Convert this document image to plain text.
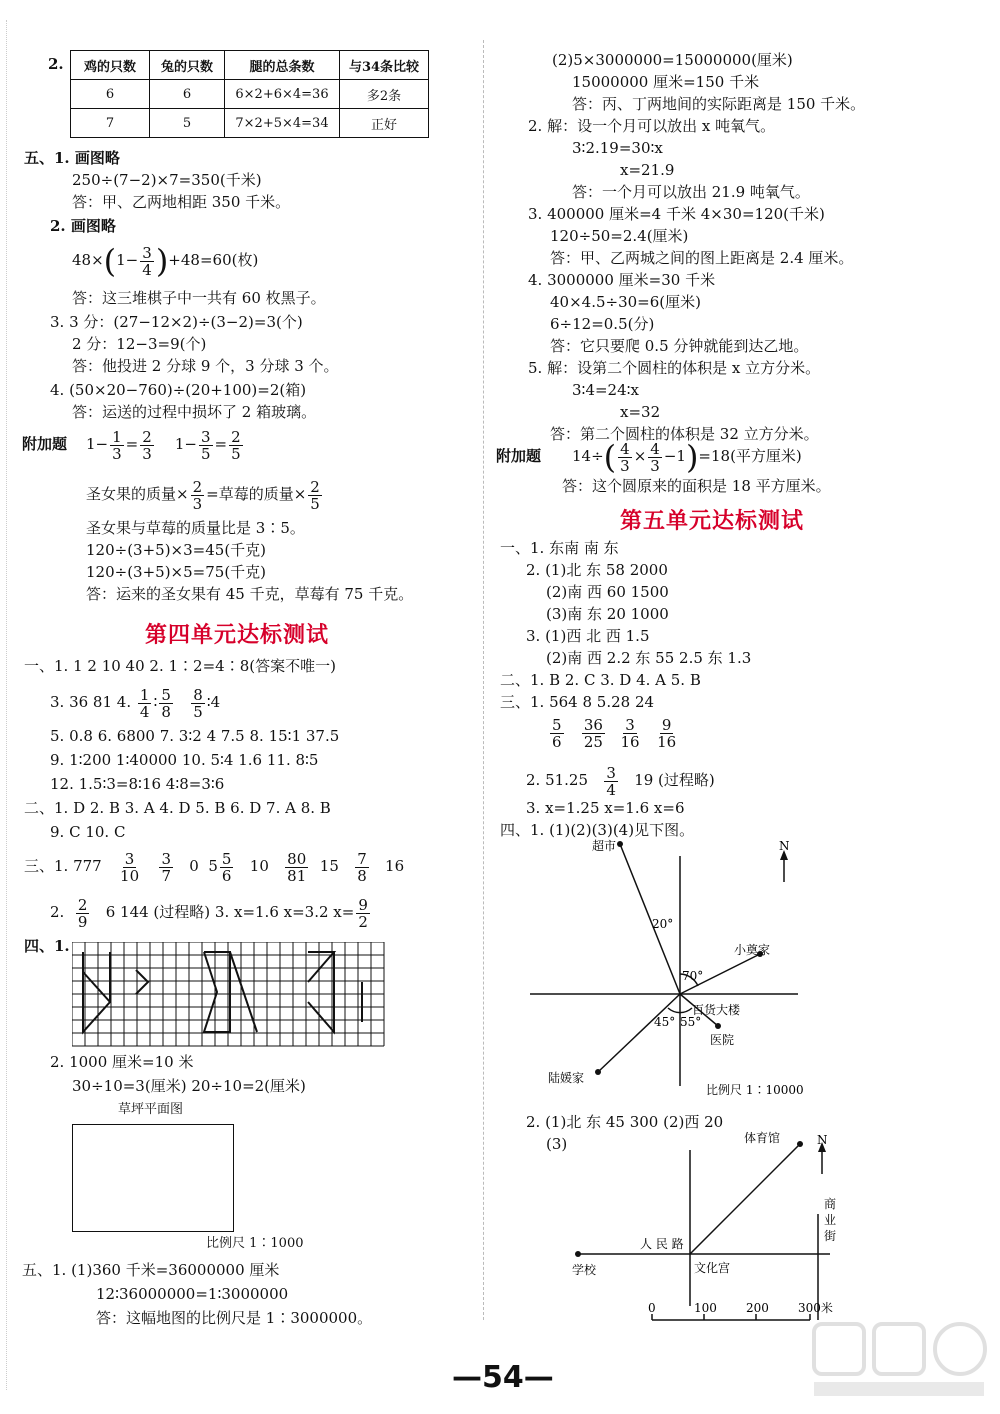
2. 鸡的只数	兔的只数	腿的总条数	与34条比较
6	6	6×2+6×4=36	多2条
7	5	7×2+5×4=34	正好
五、1. 画图略
250÷(7−2)×7=350(千米)
答：甲、乙两地相距 350 千米。
2. 画图略
$48\times(1- \frac{3}{4} )+48=60$(枚)
答：这三堆棋子中一共有 60 枚黑子。
3. 3 分：(27−12×2)÷(3−2)=3(个)
2 分：12−3=9(个)
答：他投进 2 分球 9 个，3 分球 3 个。
4. (50×20−760)÷(20+100)=2(箱)
答：运送的过程中损坏了 2 箱玻璃。
附加题 $1- \frac{1}{3} = \frac{2}{3} 1- \frac{3}{5} = \frac{2}{5}$
圣女果的质量× $\frac{2}{3}$ =草莓的质量× $\frac{2}{5}$
圣女果与草莓的质量比是 3∶5。
120÷(3+5)×3=45(千克)
120÷(3+5)×5=75(千克)
答：运来的圣女果有 45 千克，草莓有 75 千克。
第四单元达标测试
一、1. 1 2 10 40 2. 1∶2=4∶8(答案不唯一)
3. 36 81 4. $\frac{1}{4}$ ∶ $\frac{5}{8}$
$\frac{8}{5}$ ∶4
5. 0.8 6. 6800 7. 3∶2 4 7.5 8. 15∶1 37.5
9. 1∶200 1∶40000 10. 5∶4 1.6 11. 8∶5
12. 1.5∶3=8∶16 4∶8=3∶6
二、1. D 2. B 3. A 4. D 5. B 6. D 7. A 8. B
9. C 10. C
三、1. $777 \frac{3}{10}$
$\frac{3}{7} 0$  $5 \frac{5}{6} 10 \frac{80}{81} 15 \frac{7}{8} 16$
2. $\frac{2}{9} 6$ 144 (过程略) 3. x=1.6 x=3.2 $x= \frac{9}{2}$
四、1.
2. 1000 厘米=10 米
30÷10=3(厘米) 20÷10=2(厘米)
草坪平面图
比例尺 1∶1000
五、1. (1)360 千米=36000000 厘米
12∶36000000=1∶3000000
答：这幅地图的比例尺是 1∶3000000。
(2)5×3000000=15000000(厘米)
15000000 厘米=150 千米
答：丙、丁两地间的实际距离是 150 千米。
2. 解：设一个月可以放出 x 吨氧气。
3∶2.19=30∶x
x=21.9
答：一个月可以放出 21.9 吨氧气。
3. 400000 厘米=4 千米 4×30=120(千米)
120÷50=2.4(厘米)
答：甲、乙两城之间的图上距离是 2.4 厘米。
4. 3000000 厘米=30 千米
40×4.5÷30=6(厘米)
6÷12=0.5(分)
答：它只要爬 0.5 分钟就能到达乙地。
5. 解：设第二个圆柱的体积是 x 立方分米。
3∶4=24∶x
x=32
答：第二个圆柱的体积是 32 立方分米。
附加题 $14\div( \frac{4}{3} \times \frac{4}{3} -1)=18$(平方厘米)
答：这个圆原来的面积是 18 平方厘米。
第五单元达标测试
一、1. 东南 南 东
2. (1)北 东 58 2000
(2)南 西 60 1500
(3)南 东 20 1000
3. (1)西 北 西 1.5
(2)南 西 2.2 东 55 2.5 东 1.3
二、1. B 2. C 3. D 4. A 5. B
三、1. 564 8 5.28 24
$\frac{5}{6}$
$\frac{36}{25}$
$\frac{3}{16}$
$\frac{9}{16}$
2. $51.25 \frac{3}{4} 19$ (过程略)
3. x=1.25 x=1.6 x=6
四、1. (1)(2)(3)(4)见下图。
超市	N
20°
小奠家
70°
百货大楼
45° 55°
医院
陆媛家
比例尺 1∶10000
2. (1)北 东 45 300 (2)西 20
(3)	体育馆	N
人 民 路
商
业
街
学校	文化宫
0	100 200 300米
—54—
